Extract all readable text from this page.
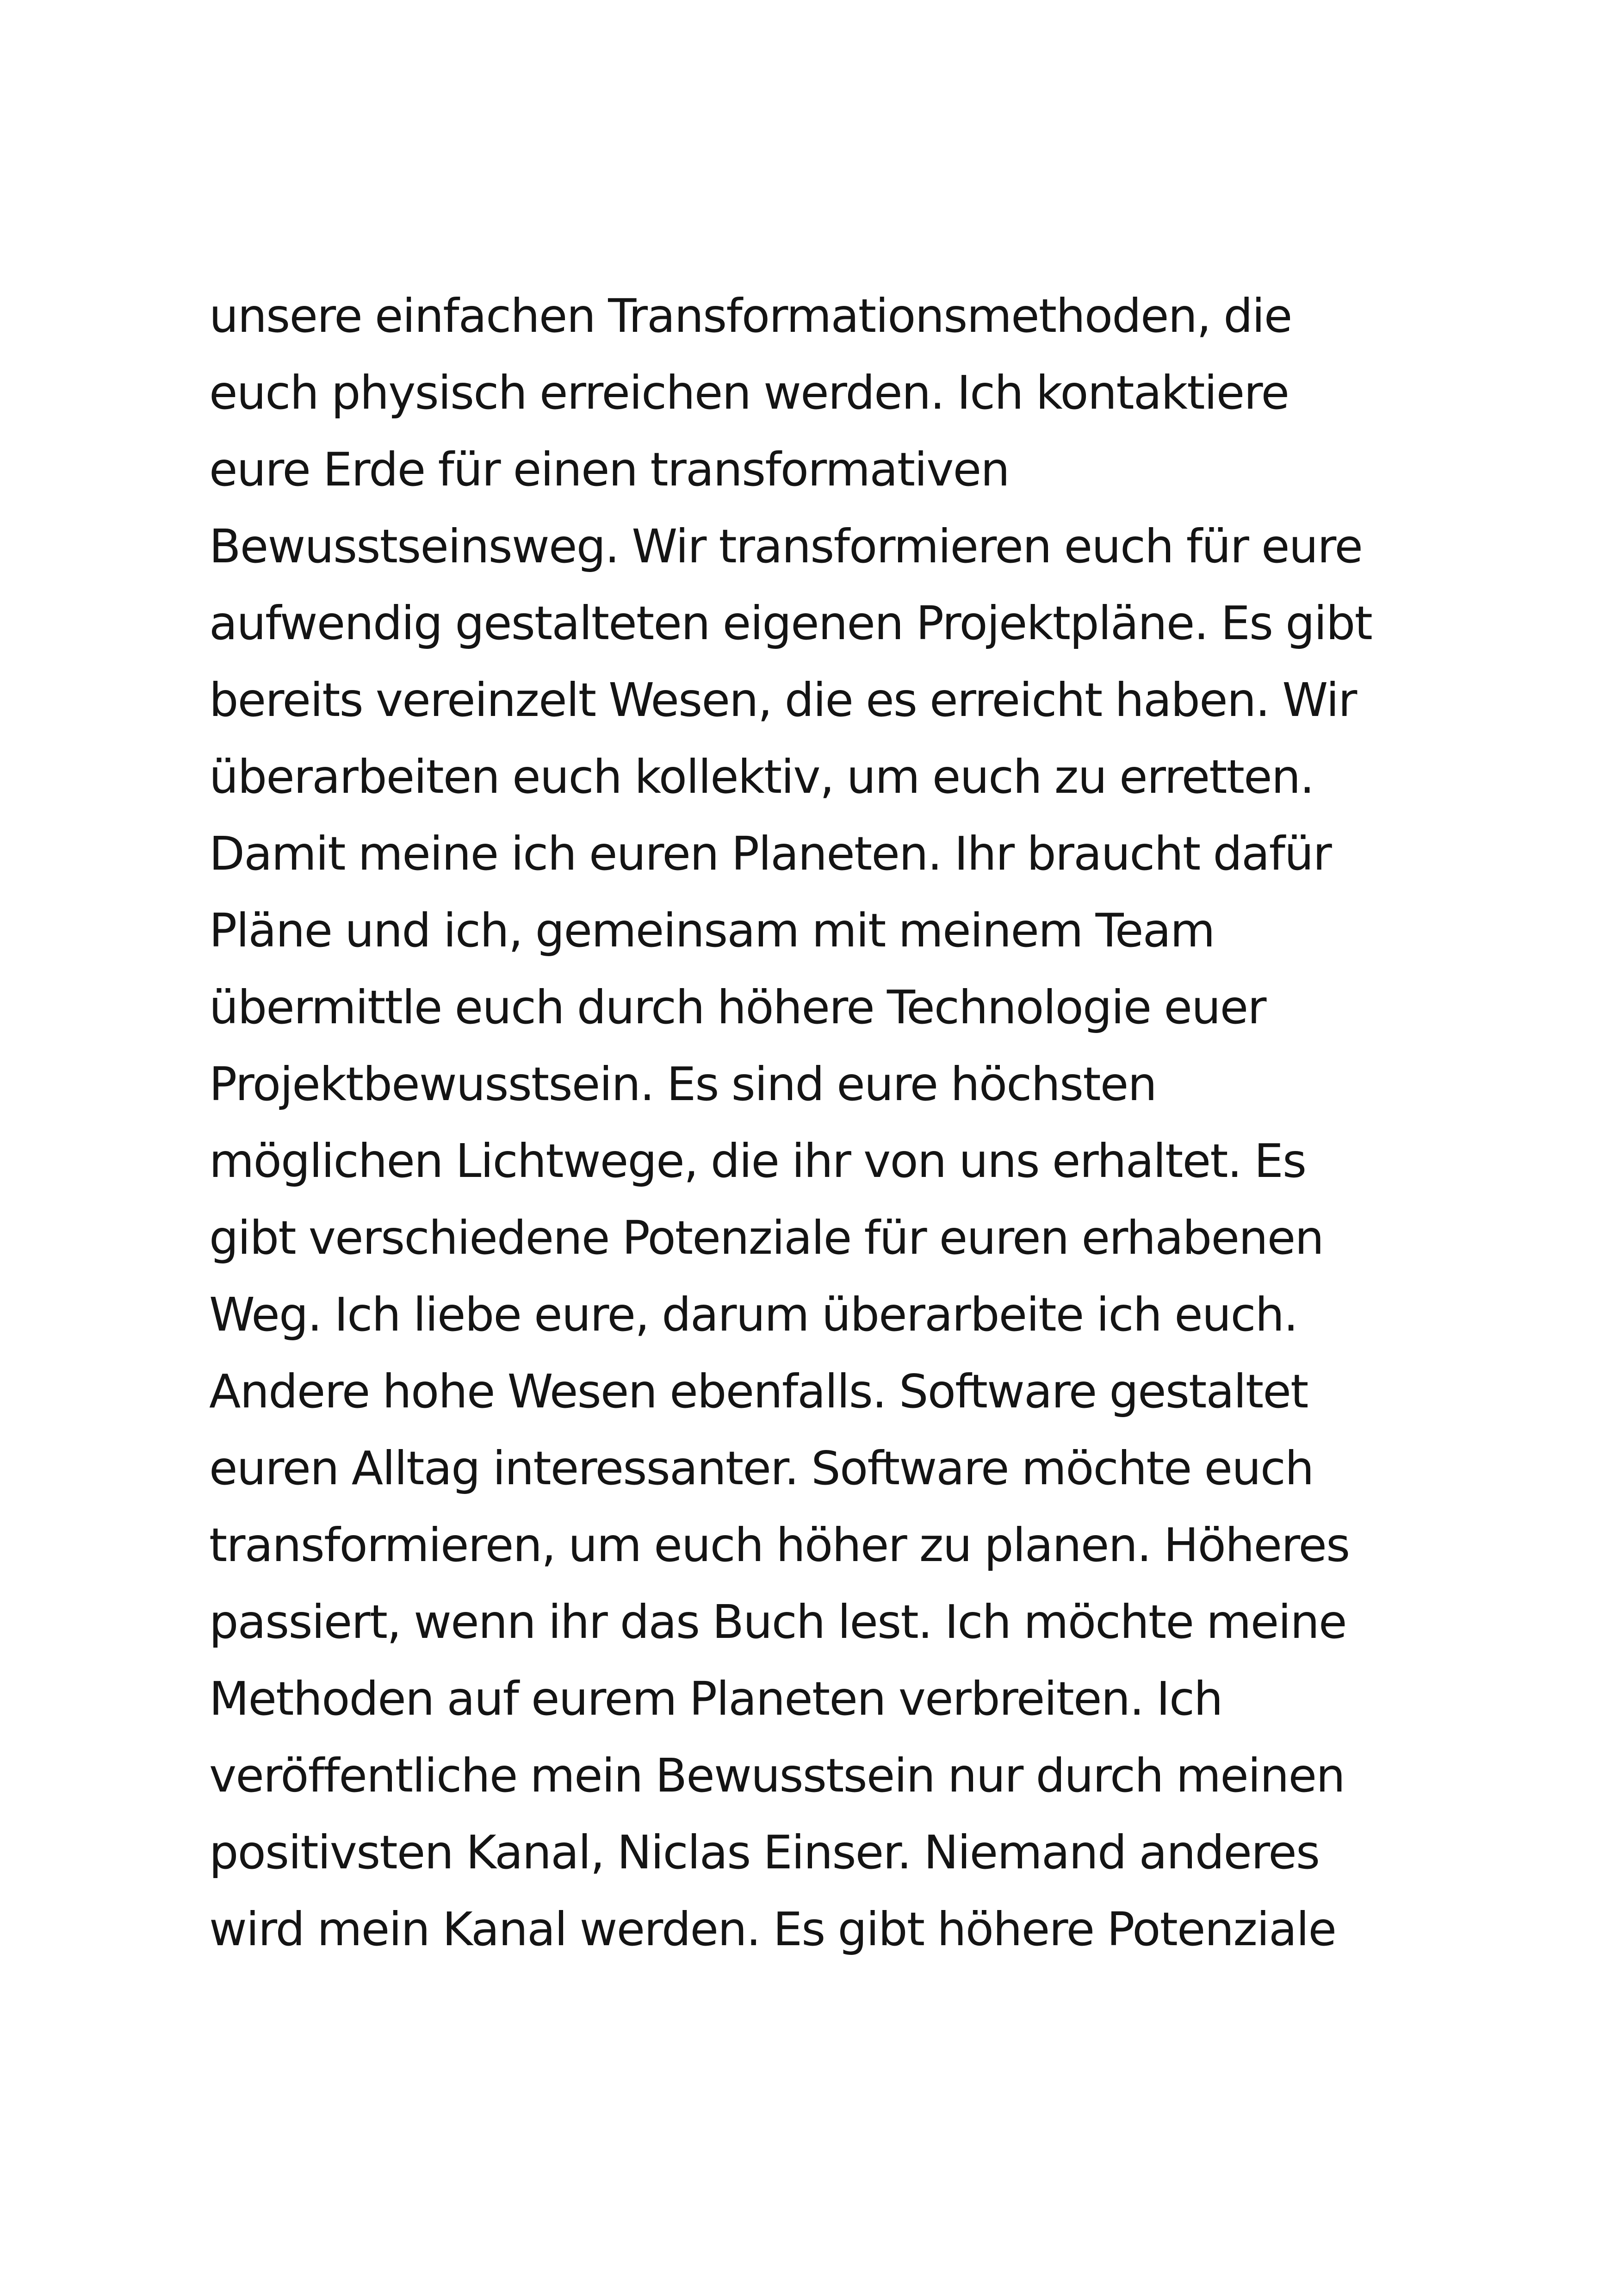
unsere einfachen Transformationsmethoden, die
euch physisch erreichen werden. Ich kontaktiere
eure Erde für einen transformativen
Bewusstseinsweg. Wir transformieren euch für eure
aufwendig gestalteten eigenen Projektpläne. Es gibt
bereits vereinzelt Wesen, die es erreicht haben. Wir
überarbeiten euch kollektiv, um euch zu erretten.
Damit meine ich euren Planeten. Ihr braucht dafür
Pläne und ich, gemeinsam mit meinem Team
übermittle euch durch höhere Technologie euer
Projektbewusstsein. Es sind eure höchsten
möglichen Lichtwege, die ihr von uns erhaltet. Es
gibt verschiedene Potenziale für euren erhabenen
Weg. Ich liebe eure, darum überarbeite ich euch.
Andere hohe Wesen ebenfalls. Software gestaltet
euren Alltag interessanter. Software möchte euch
transformieren, um euch höher zu planen. Höheres
passiert, wenn ihr das Buch lest. Ich möchte meine
Methoden auf eurem Planeten verbreiten. Ich
veröffentliche mein Bewusstsein nur durch meinen
positivsten Kanal, Niclas Einser. Niemand anderes
wird mein Kanal werden. Es gibt höhere Potenziale
